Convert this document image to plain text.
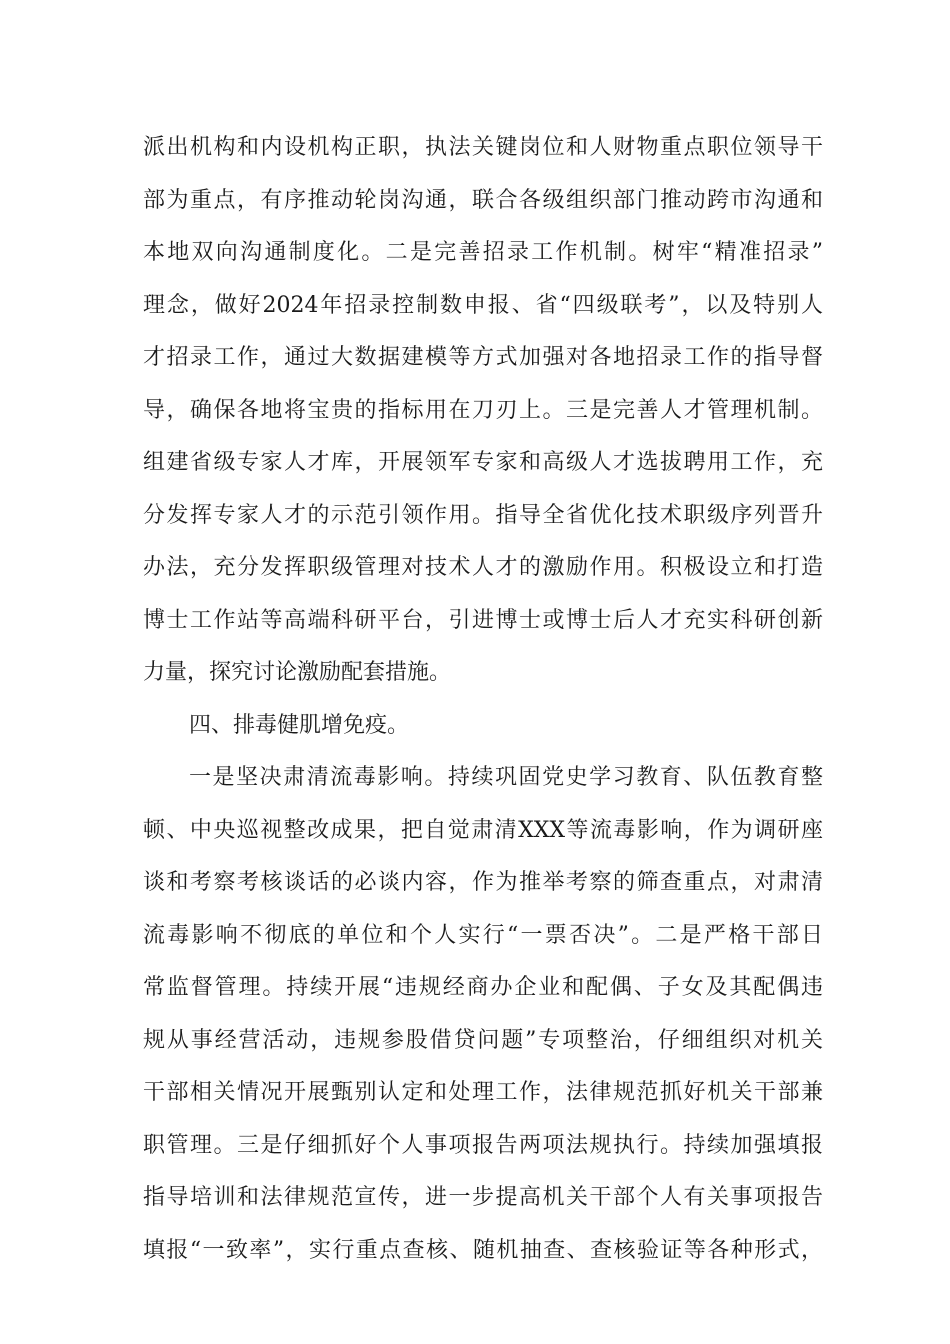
派出机构和内设机构正职，执法关键岗位和人财物重点职位领导干
部为重点，有序推动轮岗沟通，联合各级组织部门推动跨市沟通和
本地双向沟通制度化。二是完善招录工作机制。树牢“精准招录”
理念，做好2024年招录控制数申报、省“四级联考”，以及特别人
才招录工作，通过大数据建模等方式加强对各地招录工作的指导督
导，确保各地将宝贵的指标用在刀刃上。三是完善人才管理机制。
组建省级专家人才库，开展领军专家和高级人才选拔聘用工作，充
分发挥专家人才的示范引领作用。指导全省优化技术职级序列晋升
办法，充分发挥职级管理对技术人才的激励作用。积极设立和打造
博士工作站等高端科研平台，引进博士或博士后人才充实科研创新
力量，探究讨论激励配套措施。
四、排毒健肌增免疫。
一是坚决肃清流毒影响。持续巩固党史学习教育、队伍教育整
顿、中央巡视整改成果，把自觉肃清XXX等流毒影响，作为调研座
谈和考察考核谈话的必谈内容，作为推举考察的筛查重点，对肃清
流毒影响不彻底的单位和个人实行“一票否决”。二是严格干部日
常监督管理。持续开展“违规经商办企业和配偶、子女及其配偶违
规从事经营活动，违规参股借贷问题”专项整治，仔细组织对机关
干部相关情况开展甄别认定和处理工作，法律规范抓好机关干部兼
职管理。三是仔细抓好个人事项报告两项法规执行。持续加强填报
指导培训和法律规范宣传，进一步提高机关干部个人有关事项报告
填报“一致率”，实行重点查核、随机抽查、查核验证等各种形式，
